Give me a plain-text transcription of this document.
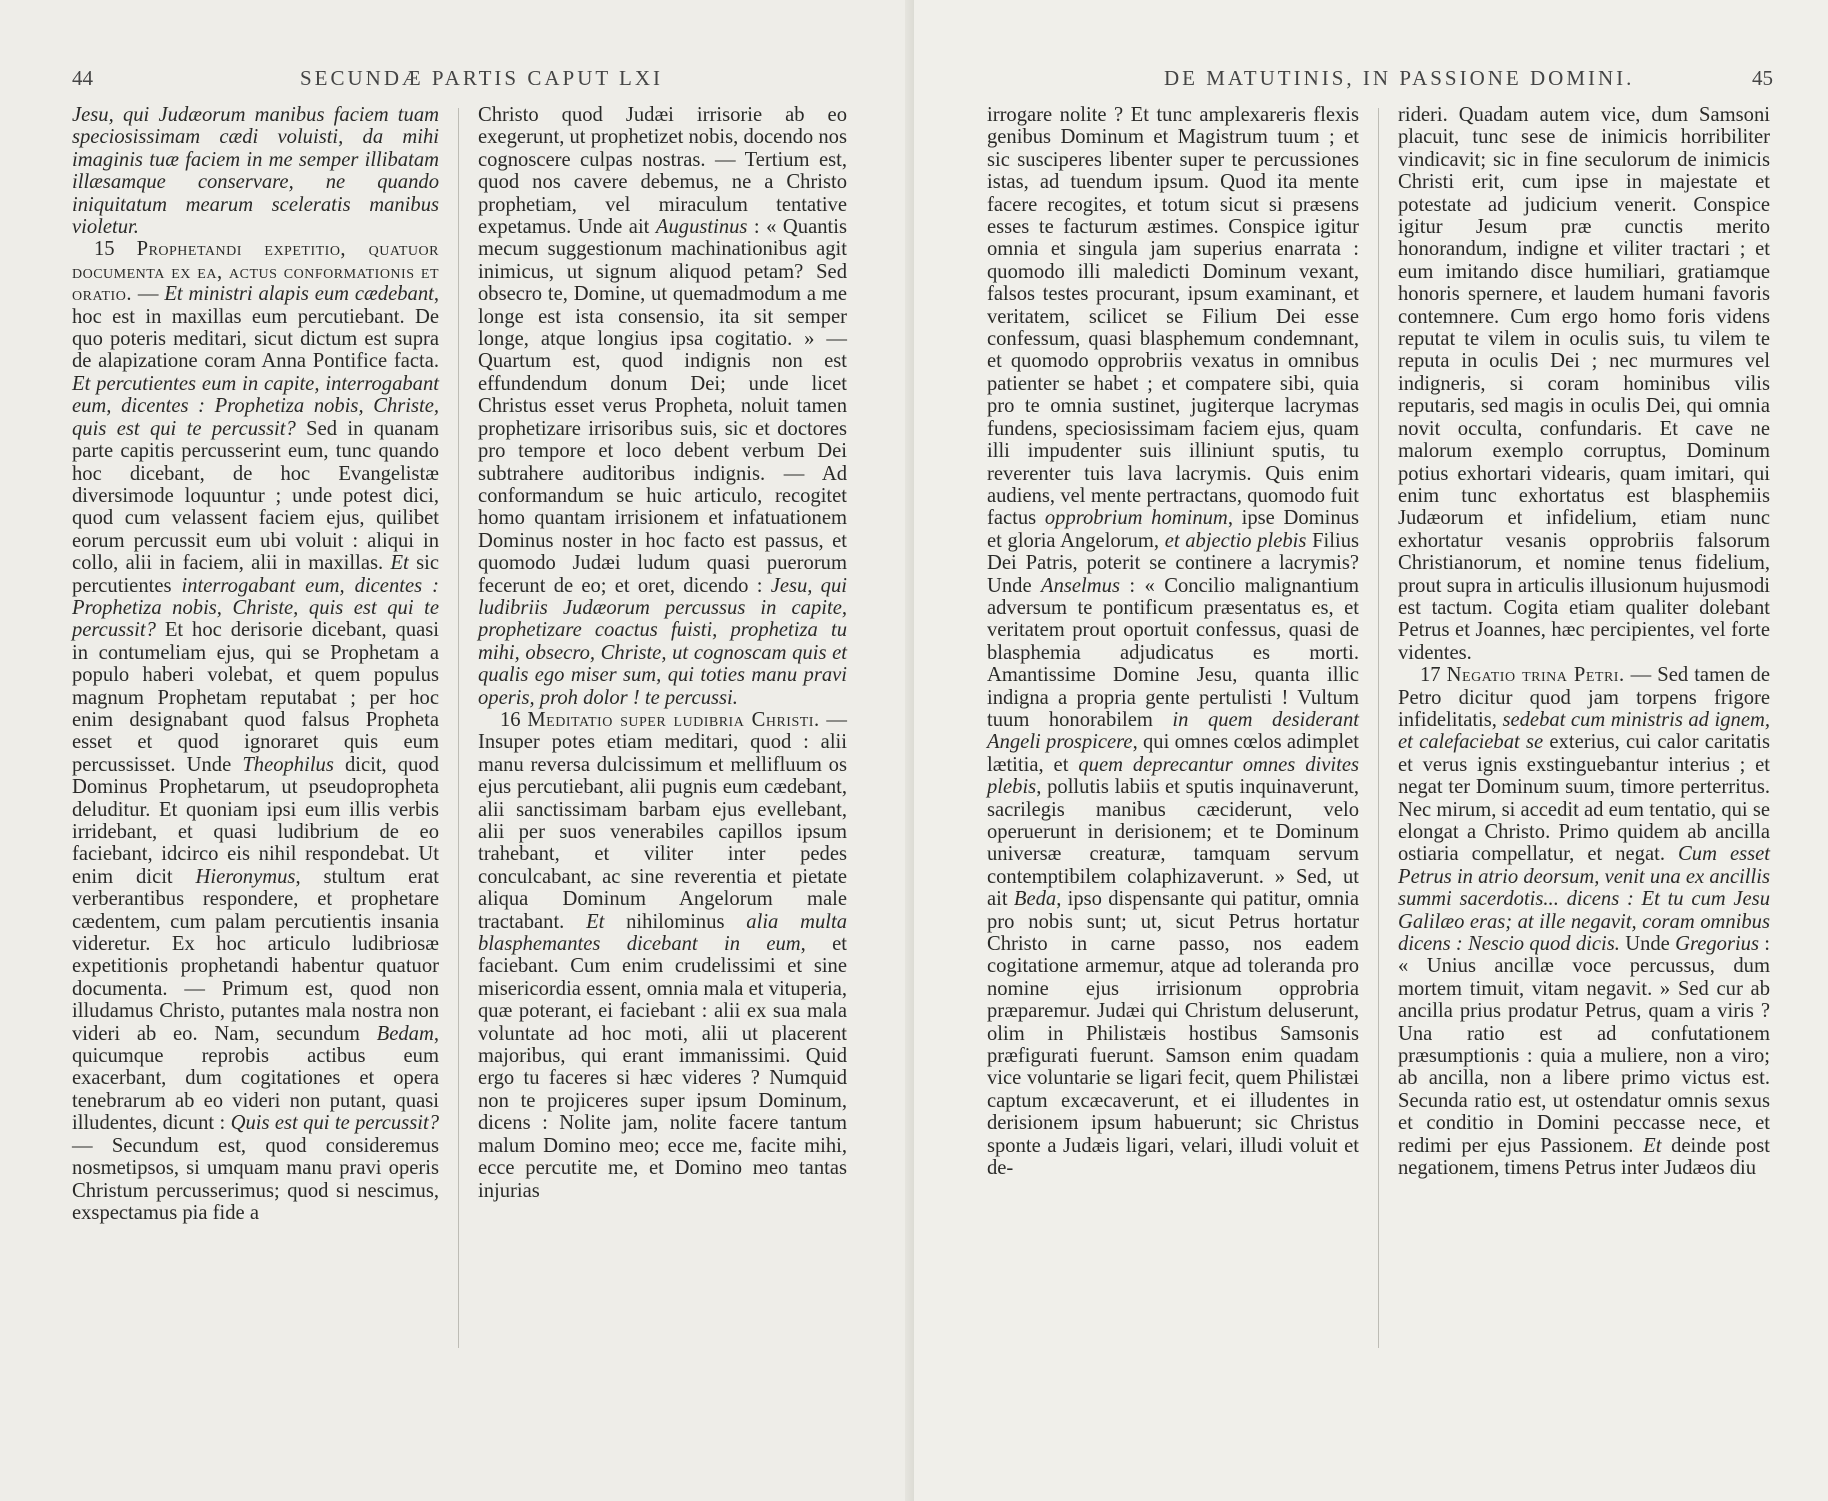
44	SECUNDÆ PARTIS CAPUT LXI

Jesu, qui Judæorum manibus faciem tuam speciosissimam cædi voluisti, da mihi imaginis tuæ faciem in me semper illibatam illæsamque conservare, ne quando iniquitatum mearum sceleratis manibus violetur.

15 Prophetandi expetitio, quatuor documenta ex ea, actus conformationis et oratio. — Et ministri alapis eum cædebant, hoc est in maxillas eum percutiebant. De quo poteris meditari, sicut dictum est supra de alapizatione coram Anna Pontifice facta. Et percutientes eum in capite, interrogabant eum, dicentes : Prophetiza nobis, Christe, quis est qui te percussit? Sed in quanam parte capitis percusserint eum, tunc quando hoc dicebant, de hoc Evangelistæ diversimode loquuntur ; unde potest dici, quod cum velassent faciem ejus, quilibet eorum percussit eum ubi voluit : aliqui in collo, alii in faciem, alii in maxillas. Et sic percutientes interrogabant eum, dicentes : Prophetiza nobis, Christe, quis est qui te percussit? Et hoc derisorie dicebant, quasi in contumeliam ejus, qui se Prophetam a populo haberi volebat, et quem populus magnum Prophetam reputabat ; per hoc enim designabant quod falsus Propheta esset et quod ignoraret quis eum percussisset. Unde Theophilus dicit, quod Dominus Prophetarum, ut pseudopropheta deluditur. Et quoniam ipsi eum illis verbis irridebant, et quasi ludibrium de eo faciebant, idcirco eis nihil respondebat. Ut enim dicit Hieronymus, stultum erat verberantibus respondere, et prophetare cædentem, cum palam percutientis insania videretur. Ex hoc articulo ludibriosæ expetitionis prophetandi habentur quatuor documenta. — Primum est, quod non illudamus Christo, putantes mala nostra non videri ab eo. Nam, secundum Bedam, quicumque reprobis actibus eum exacerbant, dum cogitationes et opera tenebrarum ab eo videri non putant, quasi illudentes, dicunt : Quis est qui te percussit? — Secundum est, quod consideremus nosmetipsos, si umquam manu pravi operis Christum percusserimus; quod si nescimus, exspectamus pia fide a

Christo quod Judæi irrisorie ab eo exegerunt, ut prophetizet nobis, docendo nos cognoscere culpas nostras. — Tertium est, quod nos cavere debemus, ne a Christo prophetiam, vel miraculum tentative expetamus. Unde ait Augustinus : « Quantis mecum suggestionum machinationibus agit inimicus, ut signum aliquod petam? Sed obsecro te, Domine, ut quemadmodum a me longe est ista consensio, ita sit semper longe, atque longius ipsa cogitatio. » — Quartum est, quod indignis non est effundendum donum Dei; unde licet Christus esset verus Propheta, noluit tamen prophetizare irrisoribus suis, sic et doctores pro tempore et loco debent verbum Dei subtrahere auditoribus indignis. — Ad conformandum se huic articulo, recogitet homo quantam irrisionem et infatuationem Dominus noster in hoc facto est passus, et quomodo Judæi ludum quasi puerorum fecerunt de eo; et oret, dicendo : Jesu, qui ludibriis Judæorum percussus in capite, prophetizare coactus fuisti, prophetiza tu mihi, obsecro, Christe, ut cognoscam quis et qualis ego miser sum, qui toties manu pravi operis, proh dolor ! te percussi.

16 Meditatio super ludibria Christi. — Insuper potes etiam meditari, quod : alii manu reversa dulcissimum et mellifluum os ejus percutiebant, alii pugnis eum cædebant, alii sanctissimam barbam ejus evellebant, alii per suos venerabiles capillos ipsum trahebant, et viliter inter pedes conculcabant, ac sine reverentia et pietate aliqua Dominum Angelorum male tractabant. Et nihilominus alia multa blasphemantes dicebant in eum, et faciebant. Cum enim crudelissimi et sine misericordia essent, omnia mala et vituperia, quæ poterant, ei faciebant : alii ex sua mala voluntate ad hoc moti, alii ut placerent majoribus, qui erant immanissimi. Quid ergo tu faceres si hæc videres ? Numquid non te projiceres super ipsum Dominum, dicens : Nolite jam, nolite facere tantum malum Domino meo; ecce me, facite mihi, ecce percutite me, et Domino meo tantas injurias

DE MATUTINIS, IN PASSIONE DOMINI.	45

irrogare nolite ? Et tunc amplexareris flexis genibus Dominum et Magistrum tuum ; et sic susciperes libenter super te percussiones istas, ad tuendum ipsum. Quod ita mente facere recogites, et totum sicut si præsens esses te facturum æstimes. Conspice igitur omnia et singula jam superius enarrata : quomodo illi maledicti Dominum vexant, falsos testes procurant, ipsum examinant, et veritatem, scilicet se Filium Dei esse confessum, quasi blasphemum condemnant, et quomodo opprobriis vexatus in omnibus patienter se habet ; et compatere sibi, quia pro te omnia sustinet, jugiterque lacrymas fundens, speciosissimam faciem ejus, quam illi impudenter suis illiniunt sputis, tu reverenter tuis lava lacrymis. Quis enim audiens, vel mente pertractans, quomodo fuit factus opprobrium hominum, ipse Dominus et gloria Angelorum, et abjectio plebis Filius Dei Patris, poterit se continere a lacrymis? Unde Anselmus : « Concilio malignantium adversum te pontificum præsentatus es, et veritatem prout oportuit confessus, quasi de blasphemia adjudicatus es morti. Amantissime Domine Jesu, quanta illic indigna a propria gente pertulisti ! Vultum tuum honorabilem in quem desiderant Angeli prospicere, qui omnes cœlos adimplet lætitia, et quem deprecantur omnes divites plebis, pollutis labiis et sputis inquinaverunt, sacrilegis manibus cæciderunt, velo operuerunt in derisionem; et te Dominum universæ creaturæ, tamquam servum contemptibilem colaphizaverunt. » Sed, ut ait Beda, ipso dispensante qui patitur, omnia pro nobis sunt; ut, sicut Petrus hortatur Christo in carne passo, nos eadem cogitatione armemur, atque ad toleranda pro nomine ejus irrisionum opprobria præparemur. Judæi qui Christum deluserunt, olim in Philistæis hostibus Samsonis præfigurati fuerunt. Samson enim quadam vice voluntarie se ligari fecit, quem Philistæi captum excæcaverunt, et ei illudentes in derisionem ipsum habuerunt; sic Christus sponte a Judæis ligari, velari, illudi voluit et de-

rideri. Quadam autem vice, dum Samsoni placuit, tunc sese de inimicis horribiliter vindicavit; sic in fine seculorum de inimicis Christi erit, cum ipse in majestate et potestate ad judicium venerit. Conspice igitur Jesum præ cunctis merito honorandum, indigne et viliter tractari ; et eum imitando disce humiliari, gratiamque honoris spernere, et laudem humani favoris contemnere. Cum ergo homo foris videns reputat te vilem in oculis suis, tu vilem te reputa in oculis Dei ; nec murmures vel indigneris, si coram hominibus vilis reputaris, sed magis in oculis Dei, qui omnia novit occulta, confundaris. Et cave ne malorum exemplo corruptus, Dominum potius exhortari videaris, quam imitari, qui enim tunc exhortatus est blasphemiis Judæorum et infidelium, etiam nunc exhortatur vesanis opprobriis falsorum Christianorum, et nomine tenus fidelium, prout supra in articulis illusionum hujusmodi est tactum. Cogita etiam qualiter dolebant Petrus et Joannes, hæc percipientes, vel forte videntes.

17 Negatio trina Petri. — Sed tamen de Petro dicitur quod jam torpens frigore infidelitatis, sedebat cum ministris ad ignem, et calefaciebat se exterius, cui calor caritatis et verus ignis exstinguebantur interius ; et negat ter Dominum suum, timore perterritus. Nec mirum, si accedit ad eum tentatio, qui se elongat a Christo. Primo quidem ab ancilla ostiaria compellatur, et negat. Cum esset Petrus in atrio deorsum, venit una ex ancillis summi sacerdotis... dicens : Et tu cum Jesu Galilæo eras; at ille negavit, coram omnibus dicens : Nescio quod dicis. Unde Gregorius : « Unius ancillæ voce percussus, dum mortem timuit, vitam negavit. » Sed cur ab ancilla prius prodatur Petrus, quam a viris ? Una ratio est ad confutationem præsumptionis : quia a muliere, non a viro; ab ancilla, non a libere primo victus est. Secunda ratio est, ut ostendatur omnis sexus et conditio in Domini peccasse nece, et redimi per ejus Passionem. Et deinde post negationem, timens Petrus inter Judæos diu
